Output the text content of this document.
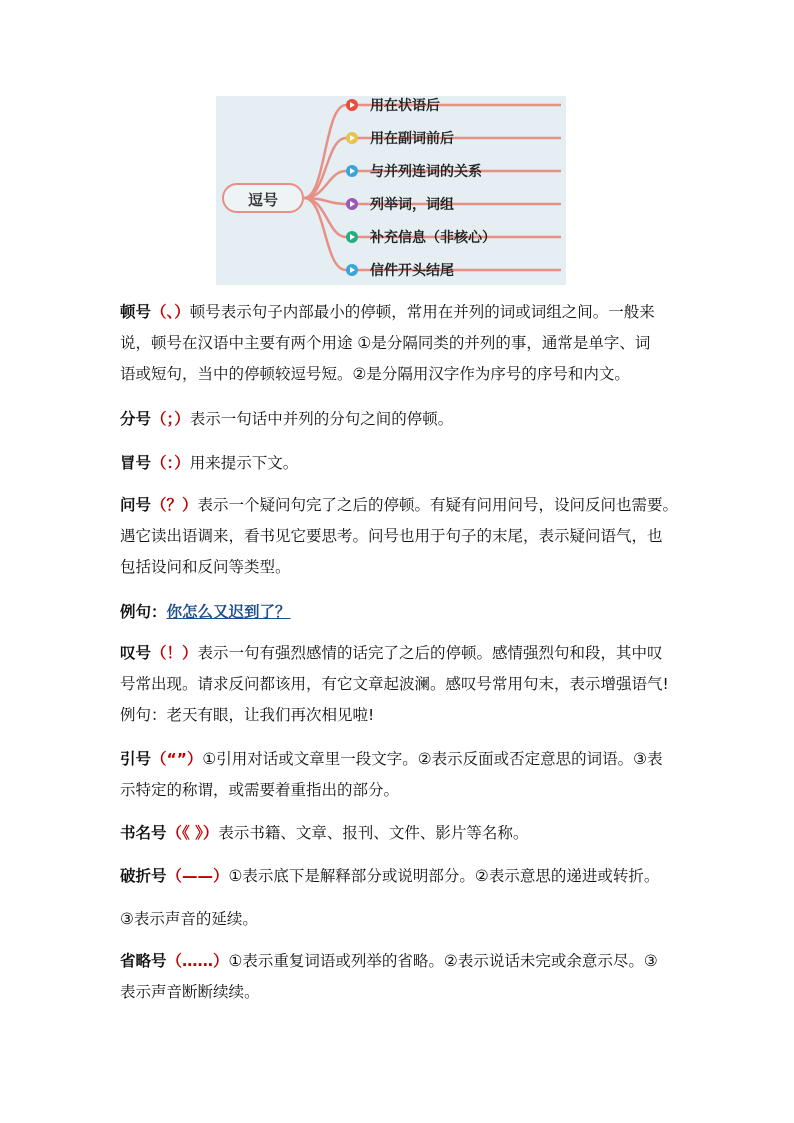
逗号
用在状语后
用在副词前后
与并列连词的关系
列举词，词组
补充信息（非核心）
信件开头结尾

顿号（、）顿号表示句子内部最小的停顿，常用在并列的词或词组之间。一般来
说，顿号在汉语中主要有两个用途 ①是分隔同类的并列的事，通常是单字、词
语或短句，当中的停顿较逗号短。②是分隔用汉字作为序号的序号和内文。

分号（；）表示一句话中并列的分句之间的停顿。

冒号（：）用来提示下文。

问号（？）表示一个疑问句完了之后的停顿。有疑有问用问号，设问反问也需要。
遇它读出语调来，看书见它要思考。问号也用于句子的末尾，表示疑问语气，也
包括设问和反问等类型。

例句：你怎么又迟到了？

叹号（！）表示一句有强烈感情的话完了之后的停顿。感情强烈句和段，其中叹
号常出现。请求反问都该用，有它文章起波澜。感叹号常用句末，表示增强语气!
例句：老天有眼，让我们再次相见啦!

引号（“”）①引用对话或文章里一段文字。②表示反面或否定意思的词语。③表
示特定的称谓，或需要着重指出的部分。

书名号（《 》）表示书籍、文章、报刊、文件、影片等名称。

破折号（——）①表示底下是解释部分或说明部分。②表示意思的递进或转折。

③表示声音的延续。

省略号（……）①表示重复词语或列举的省略。②表示说话未完或余意示尽。③
表示声音断断续续。
